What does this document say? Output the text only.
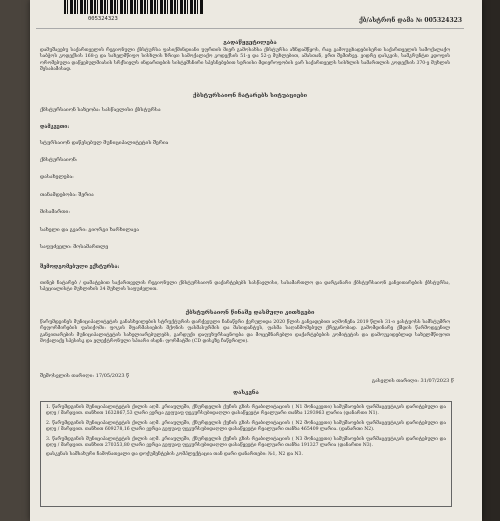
005324323	ქბ/ასტრონ დამა № 005324323
გადაწყვეტილება
დამუშავებუ საქართველის რეგიონული ქბსტურსა ფასიქმინდიანი უფრთის მიერ გამოსახსა ქბსტურსა აზნდამწყოს, რაც გამოუცხადებისერთ საქართველის სამოქალაქო საბჭოს კოდექსის 168-ე და სახელმწიფო სისხლის ზრიჯი სამოქალაქო კოდექსის 51-ე და 52-ე მუხლებით, ამასთან, ერთ შემთხვე. ვიდრე დასკვის, სამკრუნტთ კდოფის ორომებულა დაწყებულმიასის სრქსიელს ინდართების სისტემსნირი სპესნებებით სერიისი მდიეროფობის ვარ საქართველს სისხლის სამართლის კოდექსის 370-ე მუხლის შესაბამისად.
ქბსტურსაიონ ჩატარებს სიტუაციები
ქბსტურსაიონ სახეობა: სასწავლისი ქბსტურსა
დამკვეთი:
სტურსაიონ დაწესებულ მუნიციპალიტეტის შერია
ქბსტურსაიონ:
დასახელება:
თანამდებობა: შერია
მისამართი:
სახელი და გვარი: გიორგი ხარხილავა
საფუძველი: მოსამართლე
შემოდგომებული ექსტურსა:
თინებ ჩატარებ / დამატებით საქართველის რეგიონული ქბსტურსაიონ დაქარტებებს სასწავლისი, სასამართლო და დარგანარი ქბსტურსაიონ განვითარების ქბსტურსა, სპეციალისტი მუხლიხის 34 მუხლის საფუძვლით.
ქბსტურსაიონ წინაშე დასმული კითხვები
წარუმდგინეს მუნიციპალიტეტის განასხვილების სტრუქტურის დარქვეული ჩანაწერი ქვრულიდა 2020 წლის განვადებით აღმოჩენა 2019 წლის 31-ი ვასტუოსს სამსტუმრო რეფორმირების ფასიქომი: ფოკის მფარმასიების მქონის ფასმასურმის და მასიდანტუს, ფასმა საღანმომებულ ქრეგინობად. გამომდინარე ქმდის წარმოდგენილ განვითარების მუნიციპალიტეტის სახელიარებულებს, გარდუქი დაფუხურსაცნოება და მოცემნარებლი დაქარტებების კომიტეტის და დამოუკიდებლად სახელმწიფოთ მოქალაქე სპესისკ და ელექტრონული სპიარი ისდნ: ფორმატში (CD დისკზე ჩაწერილი).
შემოსვლის თარიღი: 17/05/2023 წ
გასვლის თარიღი: 31/07/2023 წ
დასკვნა
1. წარუმდგინის მუნიციპალიტეტის ქილის აღმ. კრიაულეში, ქნურდელის ქუჩის გზის რეაბილიტაციის ( N1 მონაკვეთი) სამუშაოების ფარმაცეუტიკის დარიტებული და დღე / მარჯვით. თანხით 1632867,53 ლარი ვერცა გეფუაფ ფეკურსუბიდაღლი დასაწყვეტი რეალუარი თანხა 1293963 ლარია (დანართი N1).
2. წარუმდგინის მუნიციპალიტეტის ქილის აღმ. კრიაულეში, ქნურდელის ქუჩის გზის რეაბილიტაციის ( N2 მონაკვეთი) სამუშაოების ფარმაცეუტიკის დარიტებული და დღე / მარჯვით. თანხით 609278,16 ლარი ვერცა გეფუაფ ფეკურსუბიდაღლი დასაწყვეტი რეალუარი თანხა 465409 ლარია. (დანართი N2).
3. წარუმდგინის მუნიციპალიტეტის ქილის აღმ. კრიაულეში, ქნურდელის ქუჩის გზის რეაბილიტაციის ( N3 მონაკვეთი) სამუშაოების ფარმაცეუტიკის დარიტებული და დღე / მარჯვით. თანხით 270353,80 ლარი ვერცა გეფუაფ ფეკურსუბიდაღლი დასაწყვეტი რეალუარი თანხა 191327 ლარია (დანართი N3).
დასკვნას სამსახური ჩამონათვალი და დოქუმენტების კომპლექტაცია თან დარი დანართები: №1, N2 და N3.
